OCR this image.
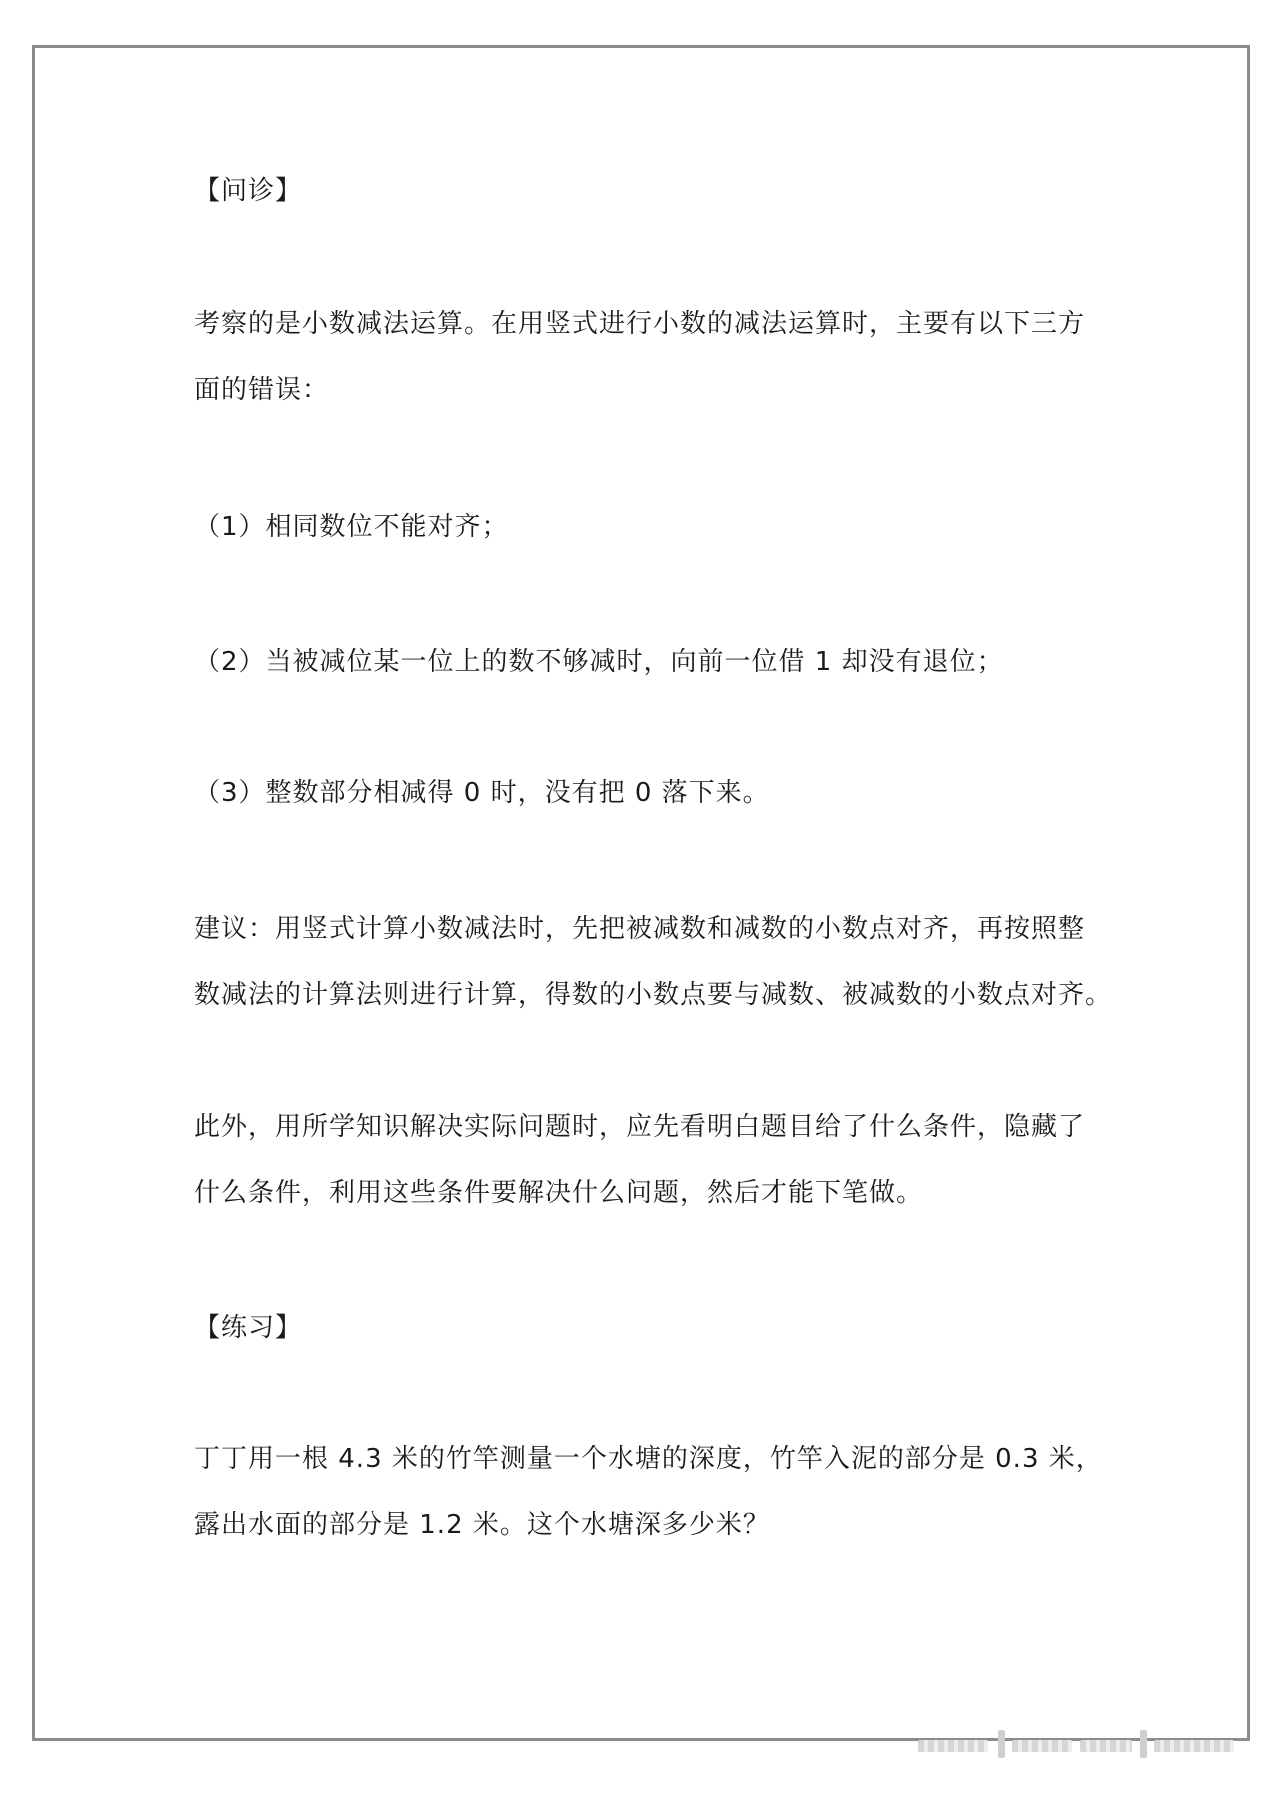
【问诊】

考察的是小数减法运算。在用竖式进行小数的减法运算时，主要有以下三方

面的错误：

（1）相同数位不能对齐；

（2）当被减位某一位上的数不够减时，向前一位借 1 却没有退位；

（3）整数部分相减得 0 时，没有把 0 落下来。

建议：用竖式计算小数减法时，先把被减数和减数的小数点对齐，再按照整

数减法的计算法则进行计算，得数的小数点要与减数、被减数的小数点对齐。

此外，用所学知识解决实际问题时，应先看明白题目给了什么条件，隐藏了

什么条件，利用这些条件要解决什么问题，然后才能下笔做。

【练习】

丁丁用一根 4.3 米的竹竿测量一个水塘的深度，竹竿入泥的部分是 0.3 米，

露出水面的部分是 1.2 米。这个水塘深多少米？
